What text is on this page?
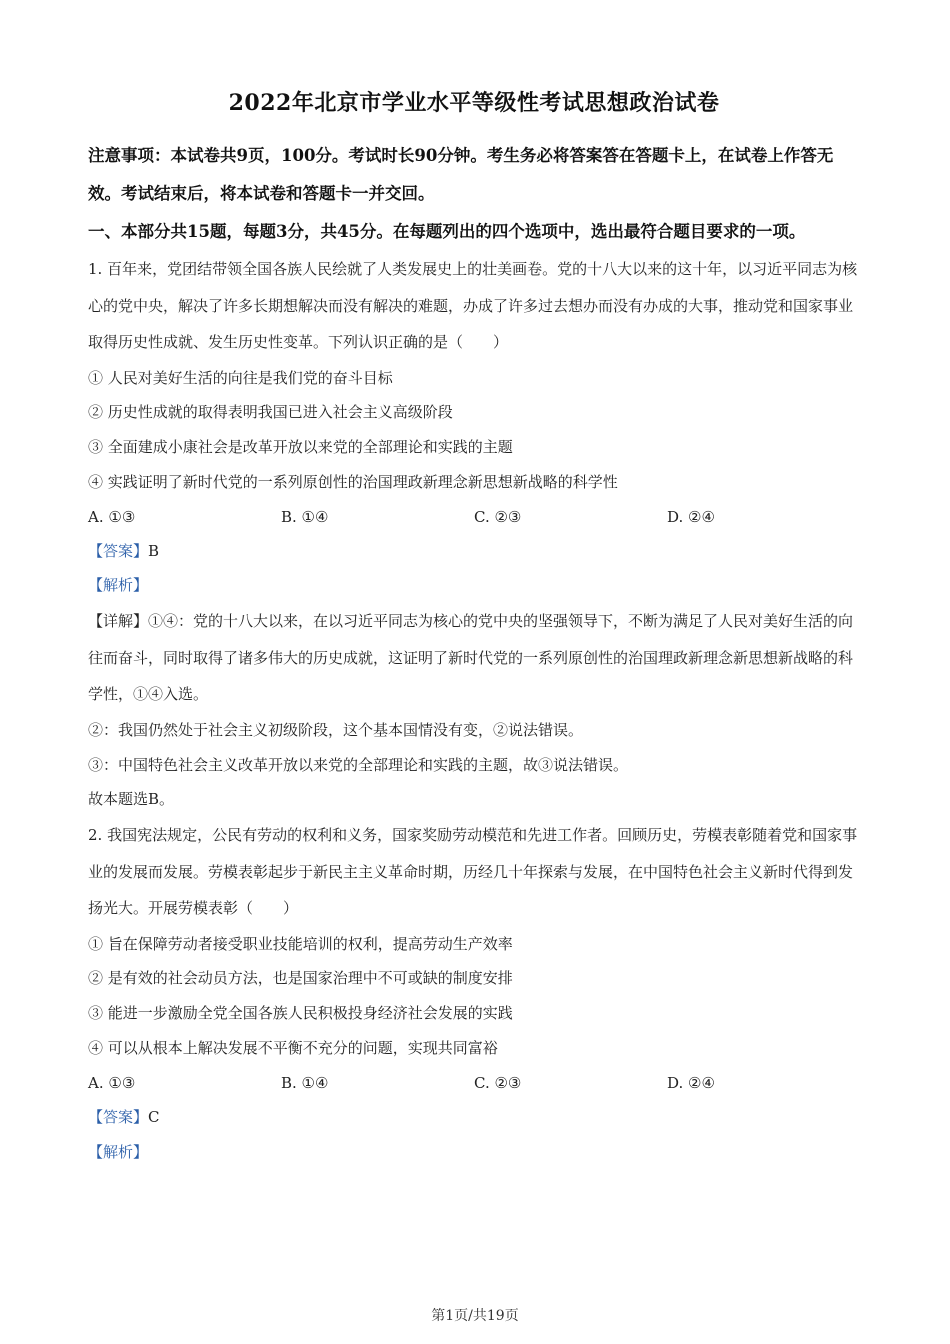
2022年北京市学业水平等级性考试思想政治试卷

注意事项：本试卷共9页，100分。考试时长90分钟。考生务必将答案答在答题卡上，在试卷上作答无效。考试结束后，将本试卷和答题卡一并交回。

一、本部分共15题，每题3分，共45分。在每题列出的四个选项中，选出最符合题目要求的一项。

1. 百年来，党团结带领全国各族人民绘就了人类发展史上的壮美画卷。党的十八大以来的这十年，以习近平同志为核心的党中央，解决了许多长期想解决而没有解决的难题，办成了许多过去想办而没有办成的大事，推动党和国家事业取得历史性成就、发生历史性变革。下列认识正确的是（　　）

① 人民对美好生活的向往是我们党的奋斗目标

② 历史性成就的取得表明我国已进入社会主义高级阶段

③ 全面建成小康社会是改革开放以来党的全部理论和实践的主题

④ 实践证明了新时代党的一系列原创性的治国理政新理念新思想新战略的科学性

A. ①③	B. ①④	C. ②③	D. ②④

【答案】B

【解析】

【详解】①④：党的十八大以来，在以习近平同志为核心的党中央的坚强领导下，不断为满足了人民对美好生活的向往而奋斗，同时取得了诸多伟大的历史成就，这证明了新时代党的一系列原创性的治国理政新理念新思想新战略的科学性，①④入选。

②：我国仍然处于社会主义初级阶段，这个基本国情没有变，②说法错误。

③：中国特色社会主义改革开放以来党的全部理论和实践的主题，故③说法错误。

故本题选B。

2. 我国宪法规定，公民有劳动的权利和义务，国家奖励劳动模范和先进工作者。回顾历史，劳模表彰随着党和国家事业的发展而发展。劳模表彰起步于新民主主义革命时期，历经几十年探索与发展，在中国特色社会主义新时代得到发扬光大。开展劳模表彰（　　）

① 旨在保障劳动者接受职业技能培训的权利，提高劳动生产效率

② 是有效的社会动员方法，也是国家治理中不可或缺的制度安排

③ 能进一步激励全党全国各族人民积极投身经济社会发展的实践

④ 可以从根本上解决发展不平衡不充分的问题，实现共同富裕

A. ①③	B. ①④	C. ②③	D. ②④

【答案】C

【解析】

第1页/共19页
